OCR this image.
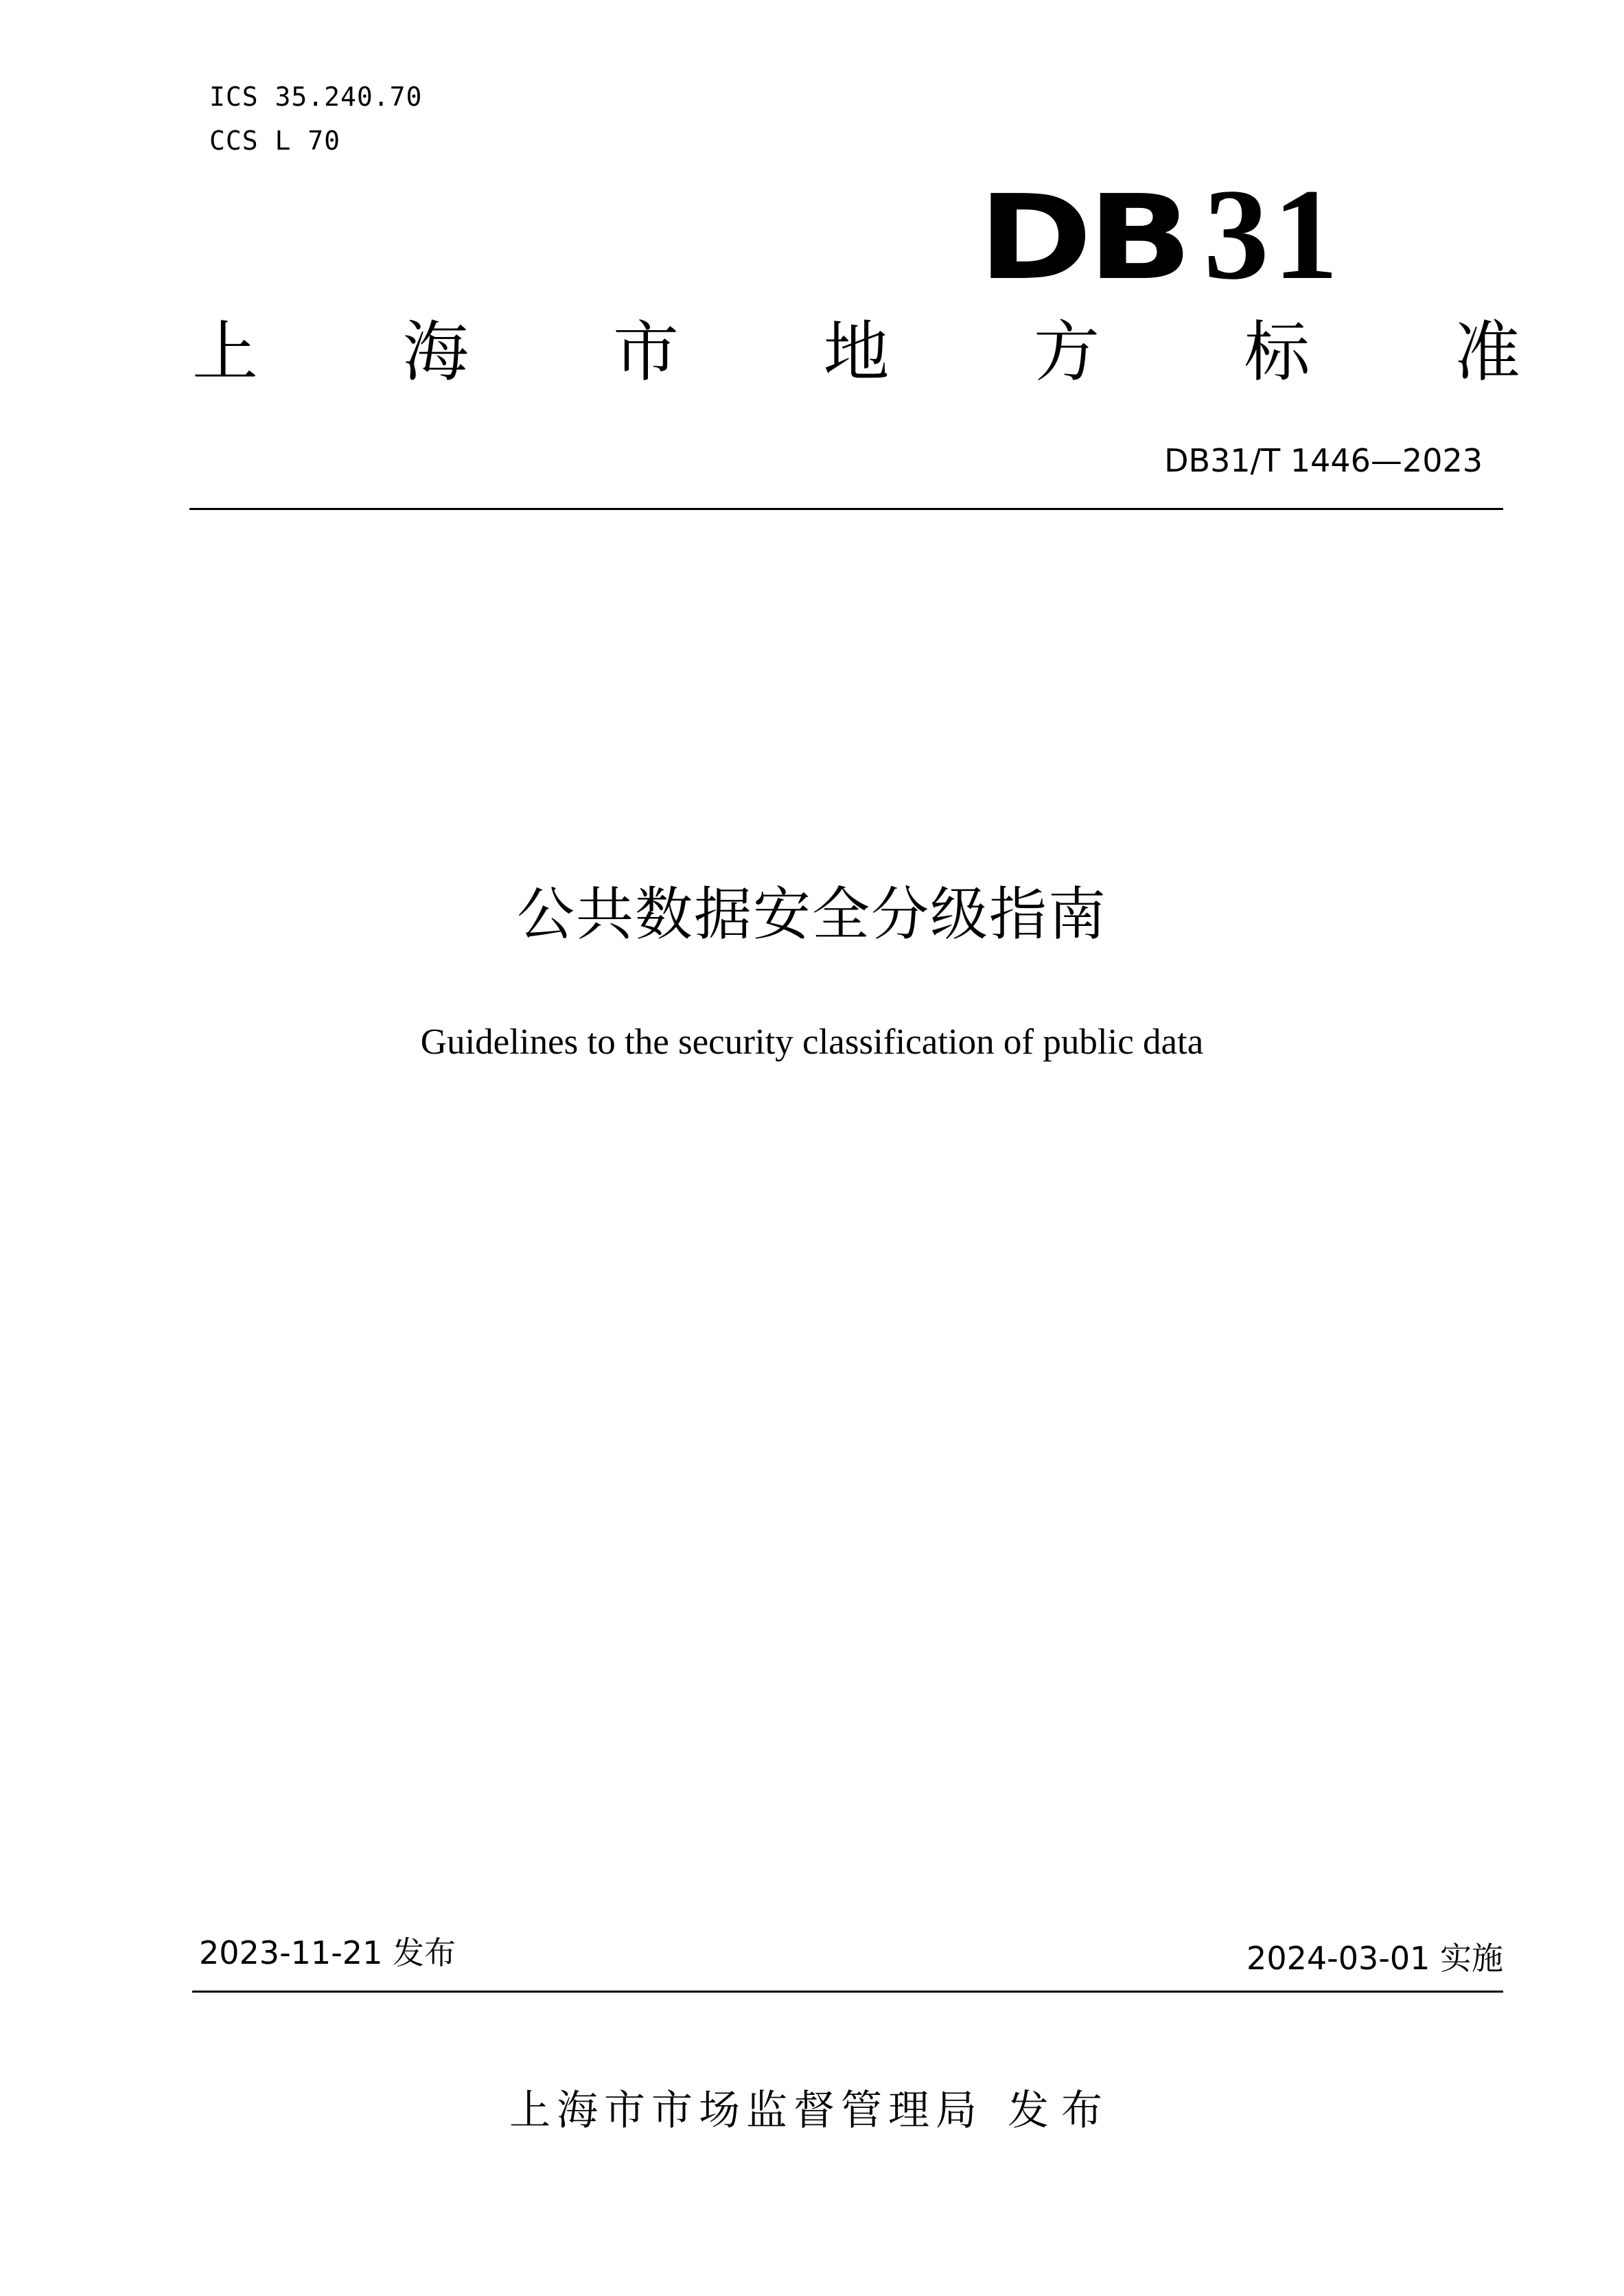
ICS 35.240.70
CCS L 70
DB 31
上 海 市 地 方 标 准
DB31/T 1446—2023
公共数据安全分级指南
Guidelines to the security classification of public data
2023-11-21 发布	2024-03-01 实施
上海市市场监督管理局 发布
